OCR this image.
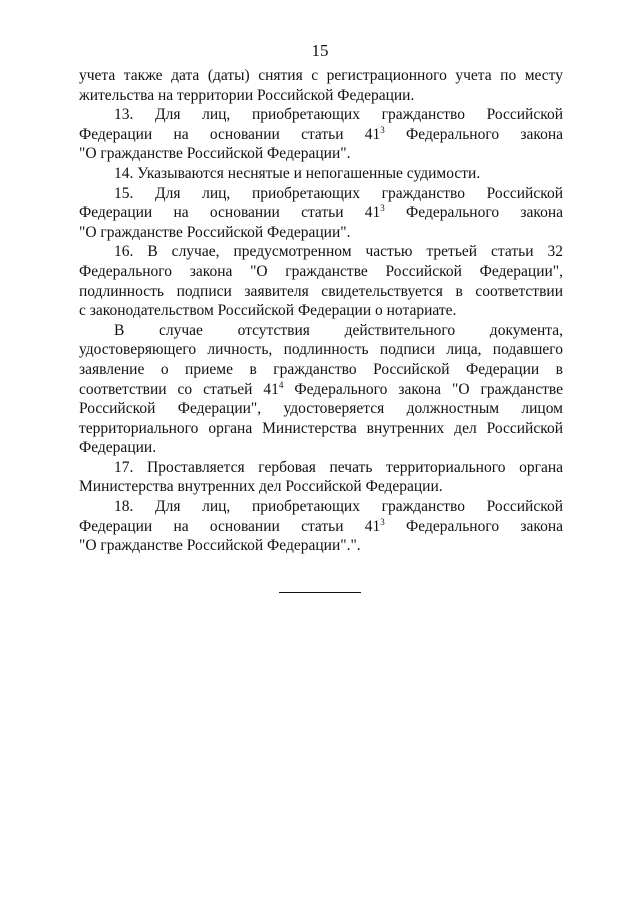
15

учета также дата (даты) снятия с регистрационного учета по месту
жительства на территории Российской Федерации.

13. Для лиц, приобретающих гражданство Российской
Федерации на основании статьи $41^3$ Федерального закона
"О гражданстве Российской Федерации".

14. Указываются неснятые и непогашенные судимости.

15. Для лиц, приобретающих гражданство Российской
Федерации на основании статьи $41^3$ Федерального закона
"О гражданстве Российской Федерации".

16. В случае, предусмотренном частью третьей статьи 32
Федерального закона "О гражданстве Российской Федерации",
подлинность подписи заявителя свидетельствуется в соответствии
с законодательством Российской Федерации о нотариате.

В случае отсутствия действительного документа,
удостоверяющего личность, подлинность подписи лица, подавшего
заявление о приеме в гражданство Российской Федерации в
соответствии со статьей $41^4$ Федерального закона "О гражданстве
Российской Федерации", удостоверяется должностным лицом
территориального органа Министерства внутренних дел Российской
Федерации.

17. Проставляется гербовая печать территориального органа
Министерства внутренних дел Российской Федерации.

18. Для лиц, приобретающих гражданство Российской
Федерации на основании статьи $41^3$ Федерального закона
"О гражданстве Российской Федерации".".
